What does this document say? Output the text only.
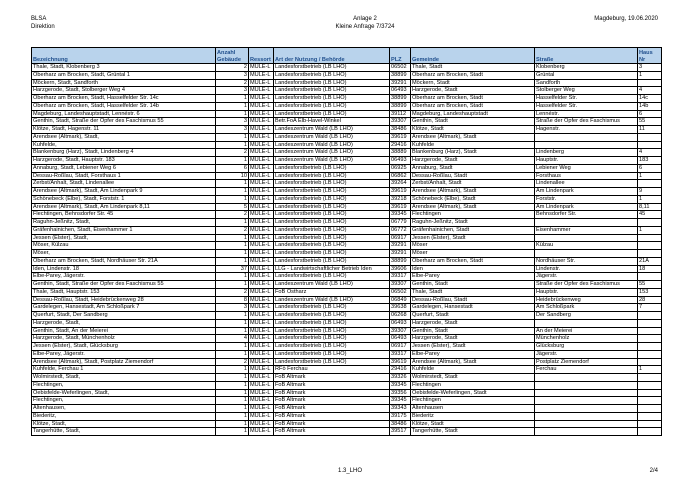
BLSA
Direktion
Anlage 2
Kleine Anfrage 7/3724
Magdeburg, 19.06.2020
Bezeichnung	Anzahl Gebäude	Ressort	Art der Nutzung / Behörde	PLZ	Gemeinde	Straße	Haus Nr
Thale, Stadt, Klobenberg 3	2	MULE-L	Landesforstbetrieb (LB LHO)	06502	Thale, Stadt	Klobenberg	3
Oberharz am Brocken, Stadt, Grüntal 1	3	MULE-L	Landesforstbetrieb (LB LHO)	38899	Oberharz am Brocken, Stadt	Grüntal	1
Möckern, Stadt, Sandforth	2	MULE-L	Landesforstbetrieb (LB LHO)	39291	Möckern, Stadt	Sandforth	
Harzgerode, Stadt, Stolberger Weg 4	3	MULE-L	Landesforstbetrieb (LB LHO)	06493	Harzgerode, Stadt	Stolberger Weg	4
Oberharz am Brocken, Stadt, Hasselfelder Str. 14c	1	MULE-L	Landesforstbetrieb (LB LHO)	38899	Oberharz am Brocken, Stadt	Hasselfelder Str.	14c
Oberharz am Brocken, Stadt, Hasselfelder Str. 14b	1	MULE-L	Landesforstbetrieb (LB LHO)	38899	Oberharz am Brocken, Stadt	Hasselfelder Str.	14b
Magdeburg, Landeshauptstadt, Lennéstr. 6	1	MULE-L	Landesforstbetrieb (LB LHO)	39112	Magdeburg, Landeshauptstadt	Lennéstr.	6
Genthin, Stadt, Straße der Opfer des Faschismus 55	3	MULE-L	Betr.FoA Elb-Havel-Winkel	39307	Genthin, Stadt	Straße der Opfer des Faschismus	55
Klötze, Stadt, Hagenstr. 11	3	MULE-L	Landeszentrum Wald (LB LHO)	38486	Klötze, Stadt	Hagenstr.	11
Arendsee (Altmark), Stadt,	1	MULE-L	Landeszentrum Wald (LB LHO)	39619	Arendsee (Altmark), Stadt		
Kuhfelde,	1	MULE-L	Landeszentrum Wald (LB LHO)	29416	Kuhfelde		
Blankenburg (Harz), Stadt, Lindenberg 4	2	MULE-L	Landeszentrum Wald (LB LHO)	38889	Blankenburg (Harz), Stadt	Lindenberg	4
Harzgerode, Stadt, Hauptstr. 183	1	MULE-L	Landeszentrum Wald (LB LHO)	06493	Harzgerode, Stadt	Hauptstr.	183
Annaburg, Stadt, Lebiener Weg 6	6	MULE-L	Landesforstbetrieb (LB LHO)	06925	Annaburg, Stadt	Lebiener Weg	6
Dessau-Roßlau, Stadt, Forsthaus 1	10	MULE-L	Landesforstbetrieb (LB LHO)	06862	Dessau-Roßlau, Stadt	Forsthaus	1
Zerbst/Anhalt, Stadt, Lindenallee	1	MULE-L	Landesforstbetrieb (LB LHO)	39264	Zerbst/Anhalt, Stadt	Lindenallee	
Arendsee (Altmark), Stadt, Am Lindenpark 9	1	MULE-L	Landesforstbetrieb (LB LHO)	39619	Arendsee (Altmark), Stadt	Am Lindenpark	9
Schönebeck (Elbe), Stadt, Forststr. 1	1	MULE-L	Landesforstbetrieb (LB LHO)	39218	Schönebeck (Elbe), Stadt	Forststr.	1
Arendsee (Altmark), Stadt, Am Lindenpark 8,11	5	MULE-L	Landesforstbetrieb (LB LHO)	39619	Arendsee (Altmark), Stadt	Am Lindenpark	8,11
Flechtingen, Behnsdorfer Str. 45	2	MULE-L	Landesforstbetrieb (LB LHO)	39345	Flechtingen	Behnsdorfer Str.	45
Raguhn-Jeßnitz, Stadt,	1	MULE-L	Landesforstbetrieb (LB LHO)	06779	Raguhn-Jeßnitz, Stadt		
Gräfenhainichen, Stadt, Eisenhammer 1	2	MULE-L	Landesforstbetrieb (LB LHO)	06772	Gräfenhainichen, Stadt	Eisenhammer	1
Jessen (Elster), Stadt,	1	MULE-L	Landesforstbetrieb (LB LHO)	06917	Jessen (Elster), Stadt		
Möser, Külzau	1	MULE-L	Landesforstbetrieb (LB LHO)	39291	Möser	Külzau	
Möser,	1	MULE-L	Landesforstbetrieb (LB LHO)	39291	Möser		
Oberharz am Brocken, Stadt, Nordhäuser Str. 21A	1	MULE-L	Landesforstbetrieb (LB LHO)	38899	Oberharz am Brocken, Stadt	Nordhäuser Str.	21A
Iden, Lindenstr. 18	37	MULE-L	LLG - Landwirtschaftlicher Betrieb Iden	39606	Iden	Lindenstr.	18
Elbe-Parey, Jägerstr.	1	MULE-L	Landesforstbetrieb (LB LHO)	39317	Elbe-Parey	Jägerstr.	
Genthin, Stadt, Straße der Opfer des Faschismus 55	1	MULE-L	Landeszentrum Wald (LB LHO)	39307	Genthin, Stadt	Straße der Opfer des Faschismus	55
Thale, Stadt, Hauptstr. 153	2	MULE-L	FoB Ostharz	06502	Thale, Stadt	Hauptstr.	153
Dessau-Roßlau, Stadt, Heidebrückenweg 28	8	MULE-L	Landeszentrum Wald (LB LHO)	06849	Dessau-Roßlau, Stadt	Heidebrückenweg	28
Gardelegen, Hansestadt, Am Schloßpark 7	3	MULE-L	Landesforstbetrieb (LB LHO)	39638	Gardelegen, Hansestadt	Am Schloßpark	7
Querfurt, Stadt, Der Sandberg	1	MULE-L	Landesforstbetrieb (LB LHO)	06268	Querfurt, Stadt	Der Sandberg	
Harzgerode, Stadt,	1	MULE-L	Landesforstbetrieb (LB LHO)	06493	Harzgerode, Stadt		
Genthin, Stadt, An der Meierei	1	MULE-L	Landesforstbetrieb (LB LHO)	39307	Genthin, Stadt	An der Meierei	
Harzgerode, Stadt, Münchenholz	4	MULE-L	Landesforstbetrieb (LB LHO)	06493	Harzgerode, Stadt	Münchenholz	
Jessen (Elster), Stadt, Glücksburg	1	MULE-L	Landesforstbetrieb (LB LHO)	06917	Jessen (Elster), Stadt	Glücksburg	
Elbe-Parey, Jägerstr.	1	MULE-L	Landesforstbetrieb (LB LHO)	39317	Elbe-Parey	Jägerstr.	
Arendsee (Altmark), Stadt, Postplatz Ziemendorf	2	MULE-L	Landesforstbetrieb (LB LHO)	39619	Arendsee (Altmark), Stadt	Postplatz Ziemendorf	
Kuhfelde, Ferchau 1	1	MULE-L	RFö Ferchau	29416	Kuhfelde	Ferchau	1
Wolmirstedt, Stadt,	1	MULE-L	FoB Altmark	39326	Wolmirstedt, Stadt		
Flechtingen,	1	MULE-L	FoB Altmark	39345	Flechtingen		
Oebisfelde-Weferlingen, Stadt,	1	MULE-L	FoB Altmark	39356	Oebisfelde-Weferlingen, Stadt		
Flechtingen,	1	MULE-L	FoB Altmark	39345	Flechtingen		
Altenhausen,	1	MULE-L	FoB Altmark	39343	Altenhausen		
Biederitz,	1	MULE-L	FoB Altmark	39175	Biederitz		
Klötze, Stadt,	1	MULE-L	FoB Altmark	38486	Klötze, Stadt		
Tangerhütte, Stadt,	1	MULE-L	FoB Altmark	39517	Tangerhütte, Stadt		
1.3_LHO	2/4
